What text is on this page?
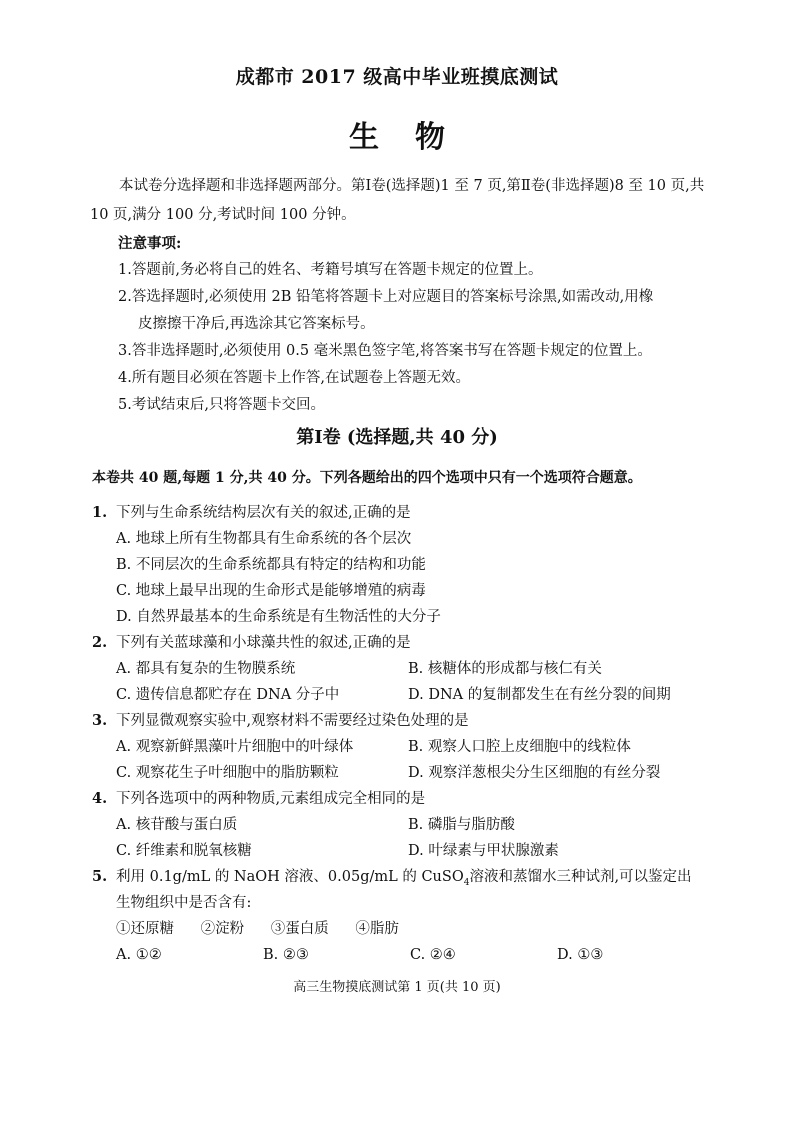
成都市 2017 级高中毕业班摸底测试
生物
本试卷分选择题和非选择题两部分。第Ⅰ卷(选择题)1 至 7 页,第Ⅱ卷(非选择题)8 至 10 页,共 10 页,满分 100 分,考试时间 100 分钟。
注意事项:
1.答题前,务必将自己的姓名、考籍号填写在答题卡规定的位置上。
2.答选择题时,必须使用 2B 铅笔将答题卡上对应题目的答案标号涂黑,如需改动,用橡
皮擦擦干净后,再选涂其它答案标号。
3.答非选择题时,必须使用 0.5 毫米黑色签字笔,将答案书写在答题卡规定的位置上。
4.所有题目必须在答题卡上作答,在试题卷上答题无效。
5.考试结束后,只将答题卡交回。
第Ⅰ卷 (选择题,共 40 分)
本卷共 40 题,每题 1 分,共 40 分。下列各题给出的四个选项中只有一个选项符合题意。
1. 下列与生命系统结构层次有关的叙述,正确的是
A. 地球上所有生物都具有生命系统的各个层次
B. 不同层次的生命系统都具有特定的结构和功能
C. 地球上最早出现的生命形式是能够增殖的病毒
D. 自然界最基本的生命系统是有生物活性的大分子
2. 下列有关蓝球藻和小球藻共性的叙述,正确的是
A. 都具有复杂的生物膜系统	B. 核糖体的形成都与核仁有关
C. 遗传信息都贮存在 DNA 分子中	D. DNA 的复制都发生在有丝分裂的间期
3. 下列显微观察实验中,观察材料不需要经过染色处理的是
A. 观察新鲜黑藻叶片细胞中的叶绿体	B. 观察人口腔上皮细胞中的线粒体
C. 观察花生子叶细胞中的脂肪颗粒	D. 观察洋葱根尖分生区细胞的有丝分裂
4. 下列各选项中的两种物质,元素组成完全相同的是
A. 核苷酸与蛋白质	B. 磷脂与脂肪酸
C. 纤维素和脱氧核糖	D. 叶绿素与甲状腺激素
5. 利用 0.1g/mL 的 NaOH 溶液、0.05g/mL 的 CuSO$_4$溶液和蒸馏水三种试剂,可以鉴定出
生物组织中是否含有:
①还原糖 ②淀粉 ③蛋白质 ④脂肪
A. ①②	B. ②③	C. ②④	D. ①③
高三生物摸底测试第 1 页(共 10 页)
